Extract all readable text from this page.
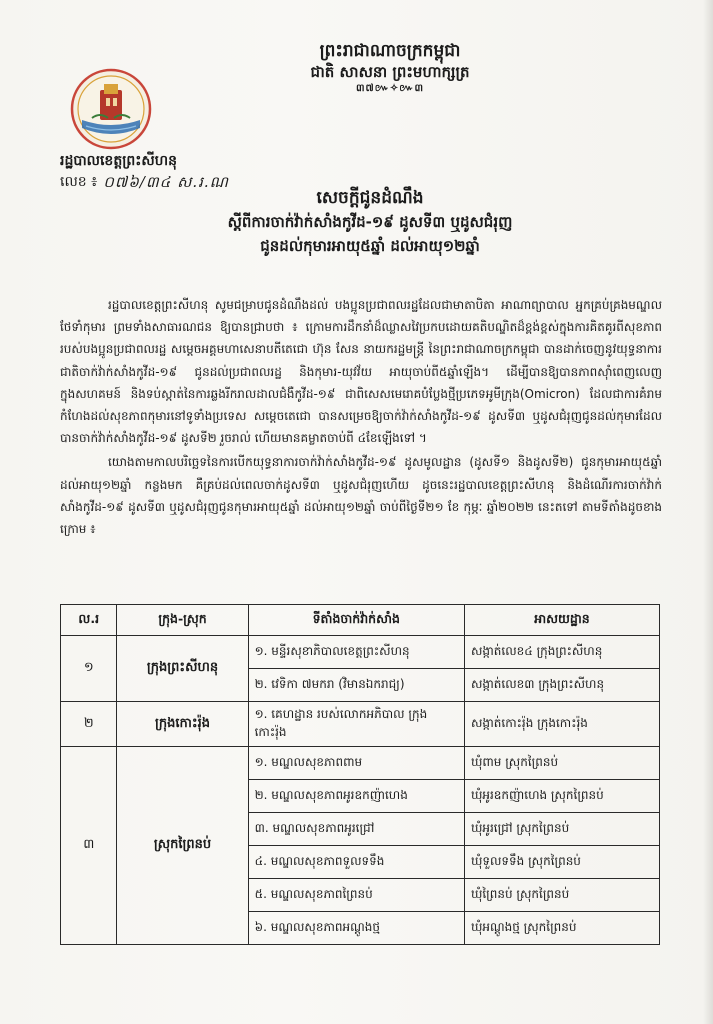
ព្រះរាជាណាចក្រកម្ពុជា
ជាតិ សាសនា ព្រះមហាក្សត្រ
៣៧៚✧៚៣
រដ្ឋបាលខេត្តព្រះសីហនុ
លេខ ៖ ០៧៦/៣៤ ស.រ.ណ
សេចក្តីជូនដំណឹង
ស្តីពីការចាក់វ៉ាក់សាំងកូវីដ-១៩ ដូសទី៣ ឬដូសជំរុញ
ជូនដល់កុមារអាយុ៥ឆ្នាំ ដល់អាយុ១២ឆ្នាំ

រដ្ឋបាលខេត្តព្រះសីហនុ សូមជម្រាបជូនដំណឹងដល់ បងប្អូនប្រជាពលរដ្ឋដែលជាមាតាបិតា អាណាព្យាបាល អ្នកគ្រប់គ្រងមណ្ឌលថែទាំកុមារ ព្រមទាំងសាធារណជន ឱ្យបានជ្រាបថា ៖ ក្រោមការដឹកនាំដ៏ឈ្លាសវៃប្រកបដោយគតិបណ្ឌិតដ៏ខ្ពង់ខ្ពស់ក្នុងការគិតគូរពីសុខភាពរបស់បងប្អូនប្រជាពលរដ្ឋ សម្តេចអគ្គមហាសេនាបតីតេជោ ហ៊ុន សែន នាយករដ្ឋមន្ត្រី នៃព្រះរាជាណាចក្រកម្ពុជា បានដាក់ចេញនូវយុទ្ធនាការជាតិចាក់វ៉ាក់សាំងកូវីដ-១៩ ជូនដល់ប្រជាពលរដ្ឋ និងកុមារ-យុវវ័យ អាយុចាប់ពី៥ឆ្នាំឡើង។ ដើម្បីបានឱ្យបានភាពស៊ាំពេញលេញក្នុងសហគមន៍ និងទប់ស្កាត់នៃការឆ្លងរីករាលដាលជំងឺកូវីដ-១៩ ជាពិសេសមេរោគបំប្លែងថ្មីប្រភេទអូមីក្រុង(Omicron) ដែលជាការគំរាមកំហែងដល់សុខភាពកុមារនៅទូទាំងប្រទេស សម្តេចតេជោ បានសម្រេចឱ្យចាក់វ៉ាក់សាំងកូវីដ-១៩ ដូសទី៣ ឬដូសជំរុញជូនដល់កុមារដែលបានចាក់វ៉ាក់សាំងកូវីដ-១៩ ដូសទី២ រួចរាល់ ហើយមានគម្លាតចាប់ពី ៤ខែឡើងទៅ ។

យោងតាមកាលបរិច្ឆេទនៃការបើកយុទ្ធនាការចាក់វ៉ាក់សាំងកូវីដ-១៩ ដូសមូលដ្ឋាន (ដូសទី១ និងដូសទី២) ជូនកុមារអាយុ៥ឆ្នាំ ដល់អាយុ១២ឆ្នាំ កន្លងមក គឺគ្រប់ដល់ពេលចាក់ដូសទី៣ ឬដូសជំរុញហើយ ដូចនេះរដ្ឋបាលខេត្តព្រះសីហនុ និងដំណើរការចាក់វ៉ាក់សាំងកូវីដ-១៩ ដូសទី៣ ឬដូសជំរុញជូនកុមារអាយុ៥ឆ្នាំ ដល់អាយុ១២ឆ្នាំ ចាប់ពីថ្ងៃទី២១ ខែ កុម្ភៈ ឆ្នាំ២០២២ នេះតទៅ តាមទីតាំងដូចខាងក្រោម ៖

ល.រ	ក្រុង-ស្រុក	ទីតាំងចាក់វ៉ាក់សាំង	អាសយដ្ឋាន
១	ក្រុងព្រះសីហនុ	១. មន្ទីរសុខាភិបាលខេត្តព្រះសីហនុ	សង្កាត់លេខ៤ ក្រុងព្រះសីហនុ
		២. វេទិកា ៧មករា (វិមានឯករាជ្យ)	សង្កាត់លេខ៣ ក្រុងព្រះសីហនុ
២	ក្រុងកោះរ៉ុង	១. គេហដ្ឋាន របស់លោកអភិបាល ក្រុងកោះរ៉ុង	សង្កាត់កោះរ៉ុង ក្រុងកោះរ៉ុង
៣	ស្រុកព្រៃនប់	១. មណ្ឌលសុខភាពពាម	ឃុំពាម ស្រុកព្រៃនប់
		២. មណ្ឌលសុខភាពអូរឧកញ៉ាហេង	ឃុំអូរឧកញ៉ាហេង ស្រុកព្រៃនប់
		៣. មណ្ឌលសុខភាពអូរជ្រៅ	ឃុំអូរជ្រៅ ស្រុកព្រៃនប់
		៤. មណ្ឌលសុខភាពទួលទទឹង	ឃុំទួលទទឹង ស្រុកព្រៃនប់
		៥. មណ្ឌលសុខភាពព្រៃនប់	ឃុំព្រៃនប់ ស្រុកព្រៃនប់
		៦. មណ្ឌលសុខភាពអណ្តូងថ្ម	ឃុំអណ្តូងថ្ម ស្រុកព្រៃនប់
